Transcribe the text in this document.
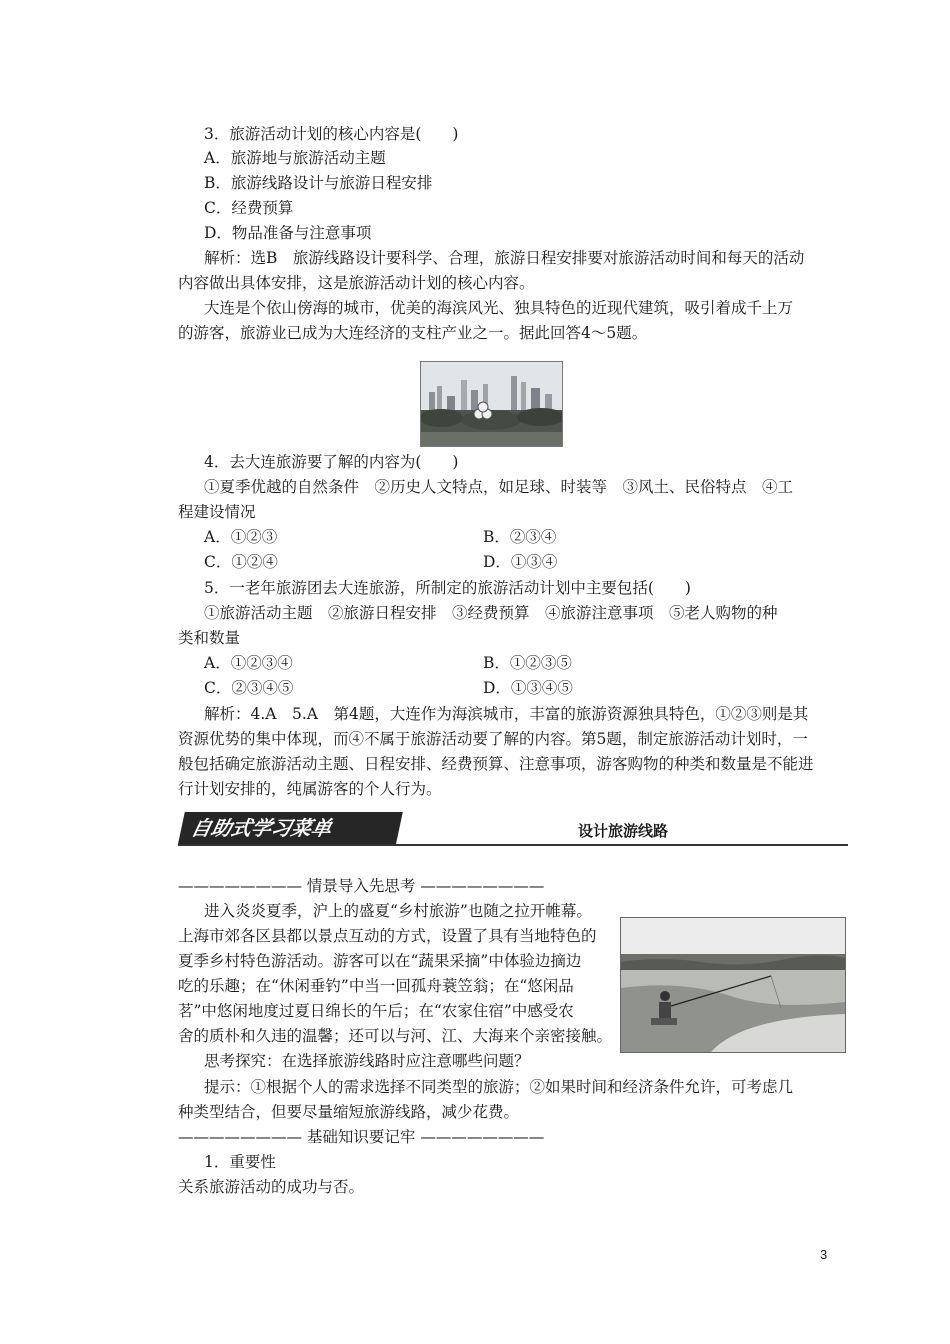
3．旅游活动计划的核心内容是(　　)
A．旅游地与旅游活动主题
B．旅游线路设计与旅游日程安排
C．经费预算
D．物品准备与注意事项
解析：选B　旅游线路设计要科学、合理，旅游日程安排要对旅游活动时间和每天的活动
内容做出具体安排，这是旅游活动计划的核心内容。
大连是个依山傍海的城市，优美的海滨风光、独具特色的近现代建筑，吸引着成千上万
的游客，旅游业已成为大连经济的支柱产业之一。据此回答4～5题。
4．去大连旅游要了解的内容为(　　)
①夏季优越的自然条件　②历史人文特点，如足球、时装等　③风土、民俗特点　④工
程建设情况
A．①②③	B．②③④
C．①②④	D．①③④
5．一老年旅游团去大连旅游，所制定的旅游活动计划中主要包括(　　)
①旅游活动主题　②旅游日程安排　③经费预算　④旅游注意事项　⑤老人购物的种
类和数量
A．①②③④	B．①②③⑤
C．②③④⑤	D．①③④⑤
解析：4.A　5.A　第4题，大连作为海滨城市，丰富的旅游资源独具特色，①②③则是其
资源优势的集中体现，而④不属于旅游活动要了解的内容。第5题，制定旅游活动计划时，一
般包括确定旅游活动主题、日程安排、经费预算、注意事项，游客购物的种类和数量是不能进
行计划安排的，纯属游客的个人行为。
———————— 情景导入先思考 ————————
进入炎炎夏季，沪上的盛夏“乡村旅游”也随之拉开帷幕。
上海市郊各区县都以景点互动的方式，设置了具有当地特色的
夏季乡村特色游活动。游客可以在“蔬果采摘”中体验边摘边
吃的乐趣；在“休闲垂钓”中当一回孤舟蓑笠翁；在“悠闲品
茗”中悠闲地度过夏日绵长的午后；在“农家住宿”中感受农
舍的质朴和久违的温馨；还可以与河、江、大海来个亲密接触。
思考探究：在选择旅游线路时应注意哪些问题？
提示：①根据个人的需求选择不同类型的旅游；②如果时间和经济条件允许，可考虑几
种类型结合，但要尽量缩短旅游线路，减少花费。
———————— 基础知识要记牢 ————————
1．重要性
关系旅游活动的成功与否。
自助式学习菜单 02	设计旅游线路
3
